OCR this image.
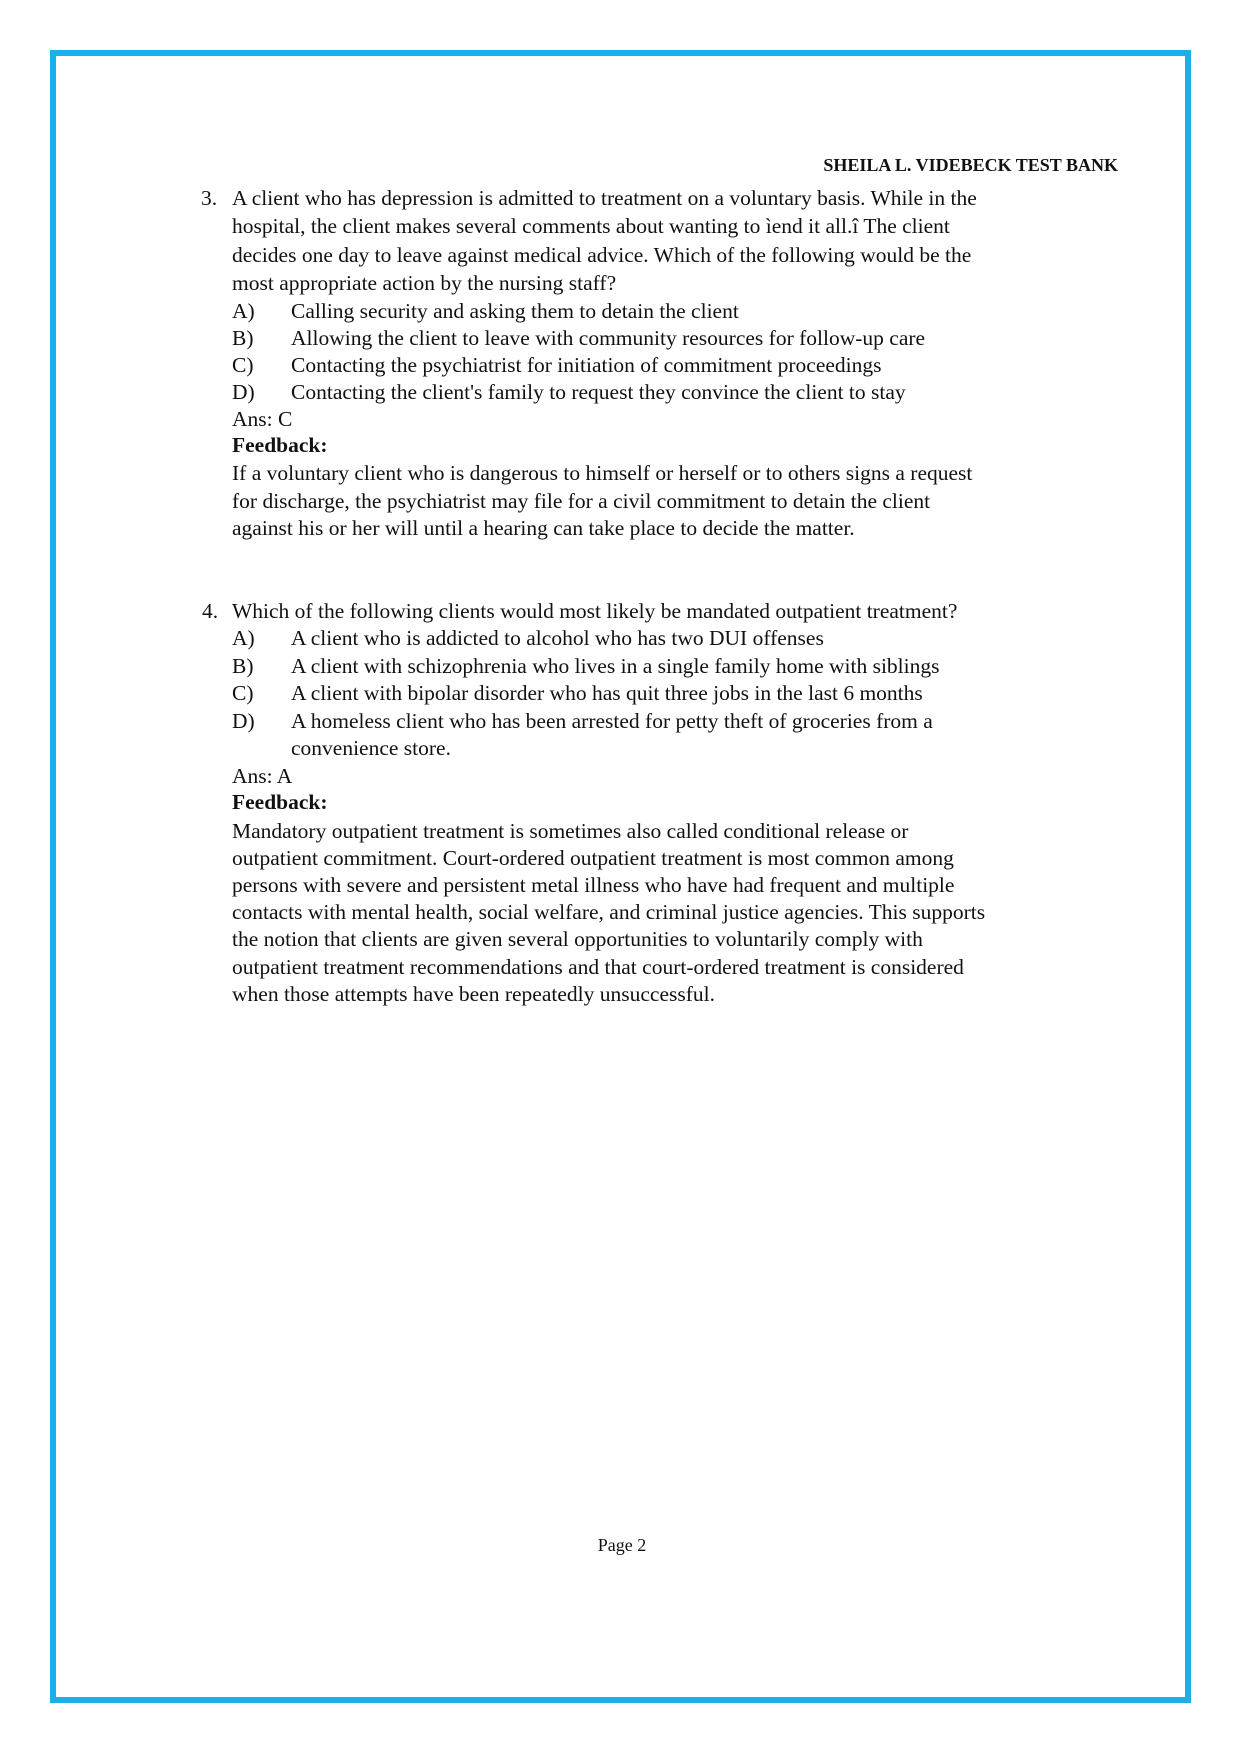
SHEILA L. VIDEBECK TEST BANK
3. A client who has depression is admitted to treatment on a voluntary basis. While in the
hospital, the client makes several comments about wanting to ìend it all.î The client
decides one day to leave against medical advice. Which of the following would be the
most appropriate action by the nursing staff?
A) Calling security and asking them to detain the client
B) Allowing the client to leave with community resources for follow-up care
C) Contacting the psychiatrist for initiation of commitment proceedings
D) Contacting the client's family to request they convince the client to stay
Ans: C
Feedback:
If a voluntary client who is dangerous to himself or herself or to others signs a request
for discharge, the psychiatrist may file for a civil commitment to detain the client
against his or her will until a hearing can take place to decide the matter.
4. Which of the following clients would most likely be mandated outpatient treatment?
A) A client who is addicted to alcohol who has two DUI offenses
B) A client with schizophrenia who lives in a single family home with siblings
C) A client with bipolar disorder who has quit three jobs in the last 6 months
D) A homeless client who has been arrested for petty theft of groceries from a
convenience store.
Ans: A
Feedback:
Mandatory outpatient treatment is sometimes also called conditional release or
outpatient commitment. Court-ordered outpatient treatment is most common among
persons with severe and persistent metal illness who have had frequent and multiple
contacts with mental health, social welfare, and criminal justice agencies. This supports
the notion that clients are given several opportunities to voluntarily comply with
outpatient treatment recommendations and that court-ordered treatment is considered
when those attempts have been repeatedly unsuccessful.
Page 2
